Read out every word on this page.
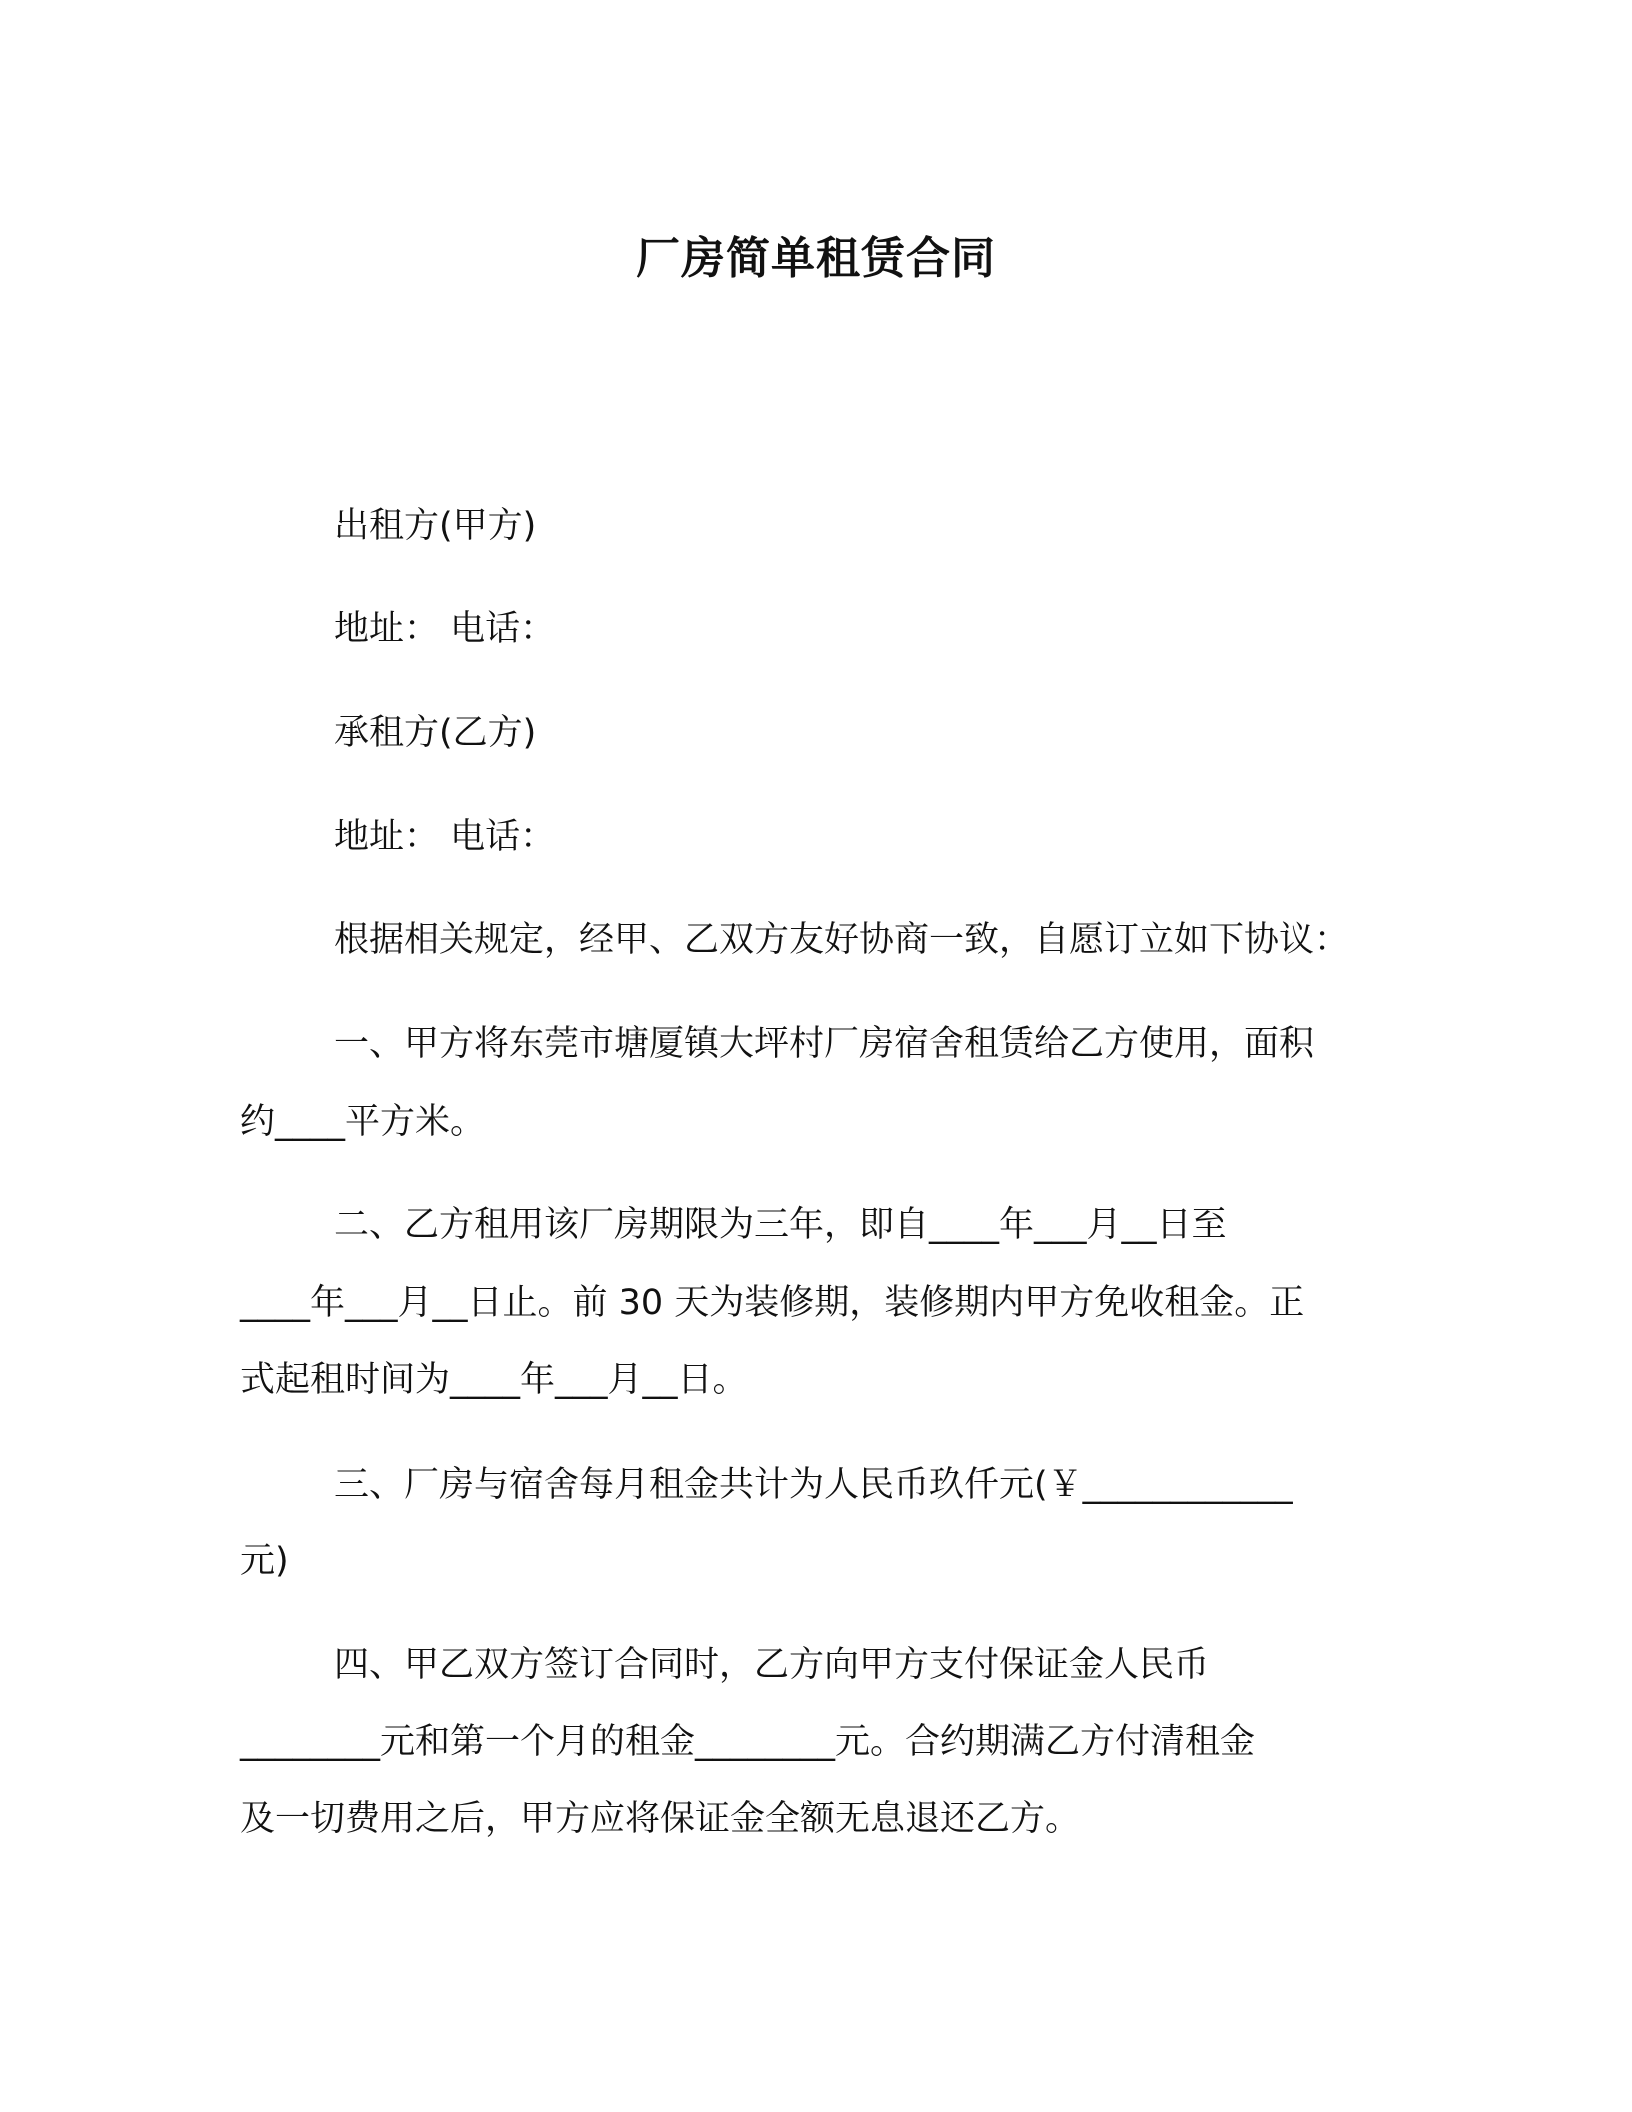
厂房简单租赁合同

出租方(甲方)

地址： 电话：

承租方(乙方)

地址： 电话：

根据相关规定，经甲、乙双方友好协商一致，自愿订立如下协议：

一、甲方将东莞市塘厦镇大坪村厂房宿舍租赁给乙方使用，面积

约____平方米。

二、乙方租用该厂房期限为三年，即自____年___月__日至

____年___月__日止。前 30 天为装修期，装修期内甲方免收租金。正

式起租时间为____年___月__日。

三、厂房与宿舍每月租金共计为人民币玖仟元(￥____________

元)

四、甲乙双方签订合同时，乙方向甲方支付保证金人民币

________元和第一个月的租金________元。合约期满乙方付清租金

及一切费用之后，甲方应将保证金全额无息退还乙方。
